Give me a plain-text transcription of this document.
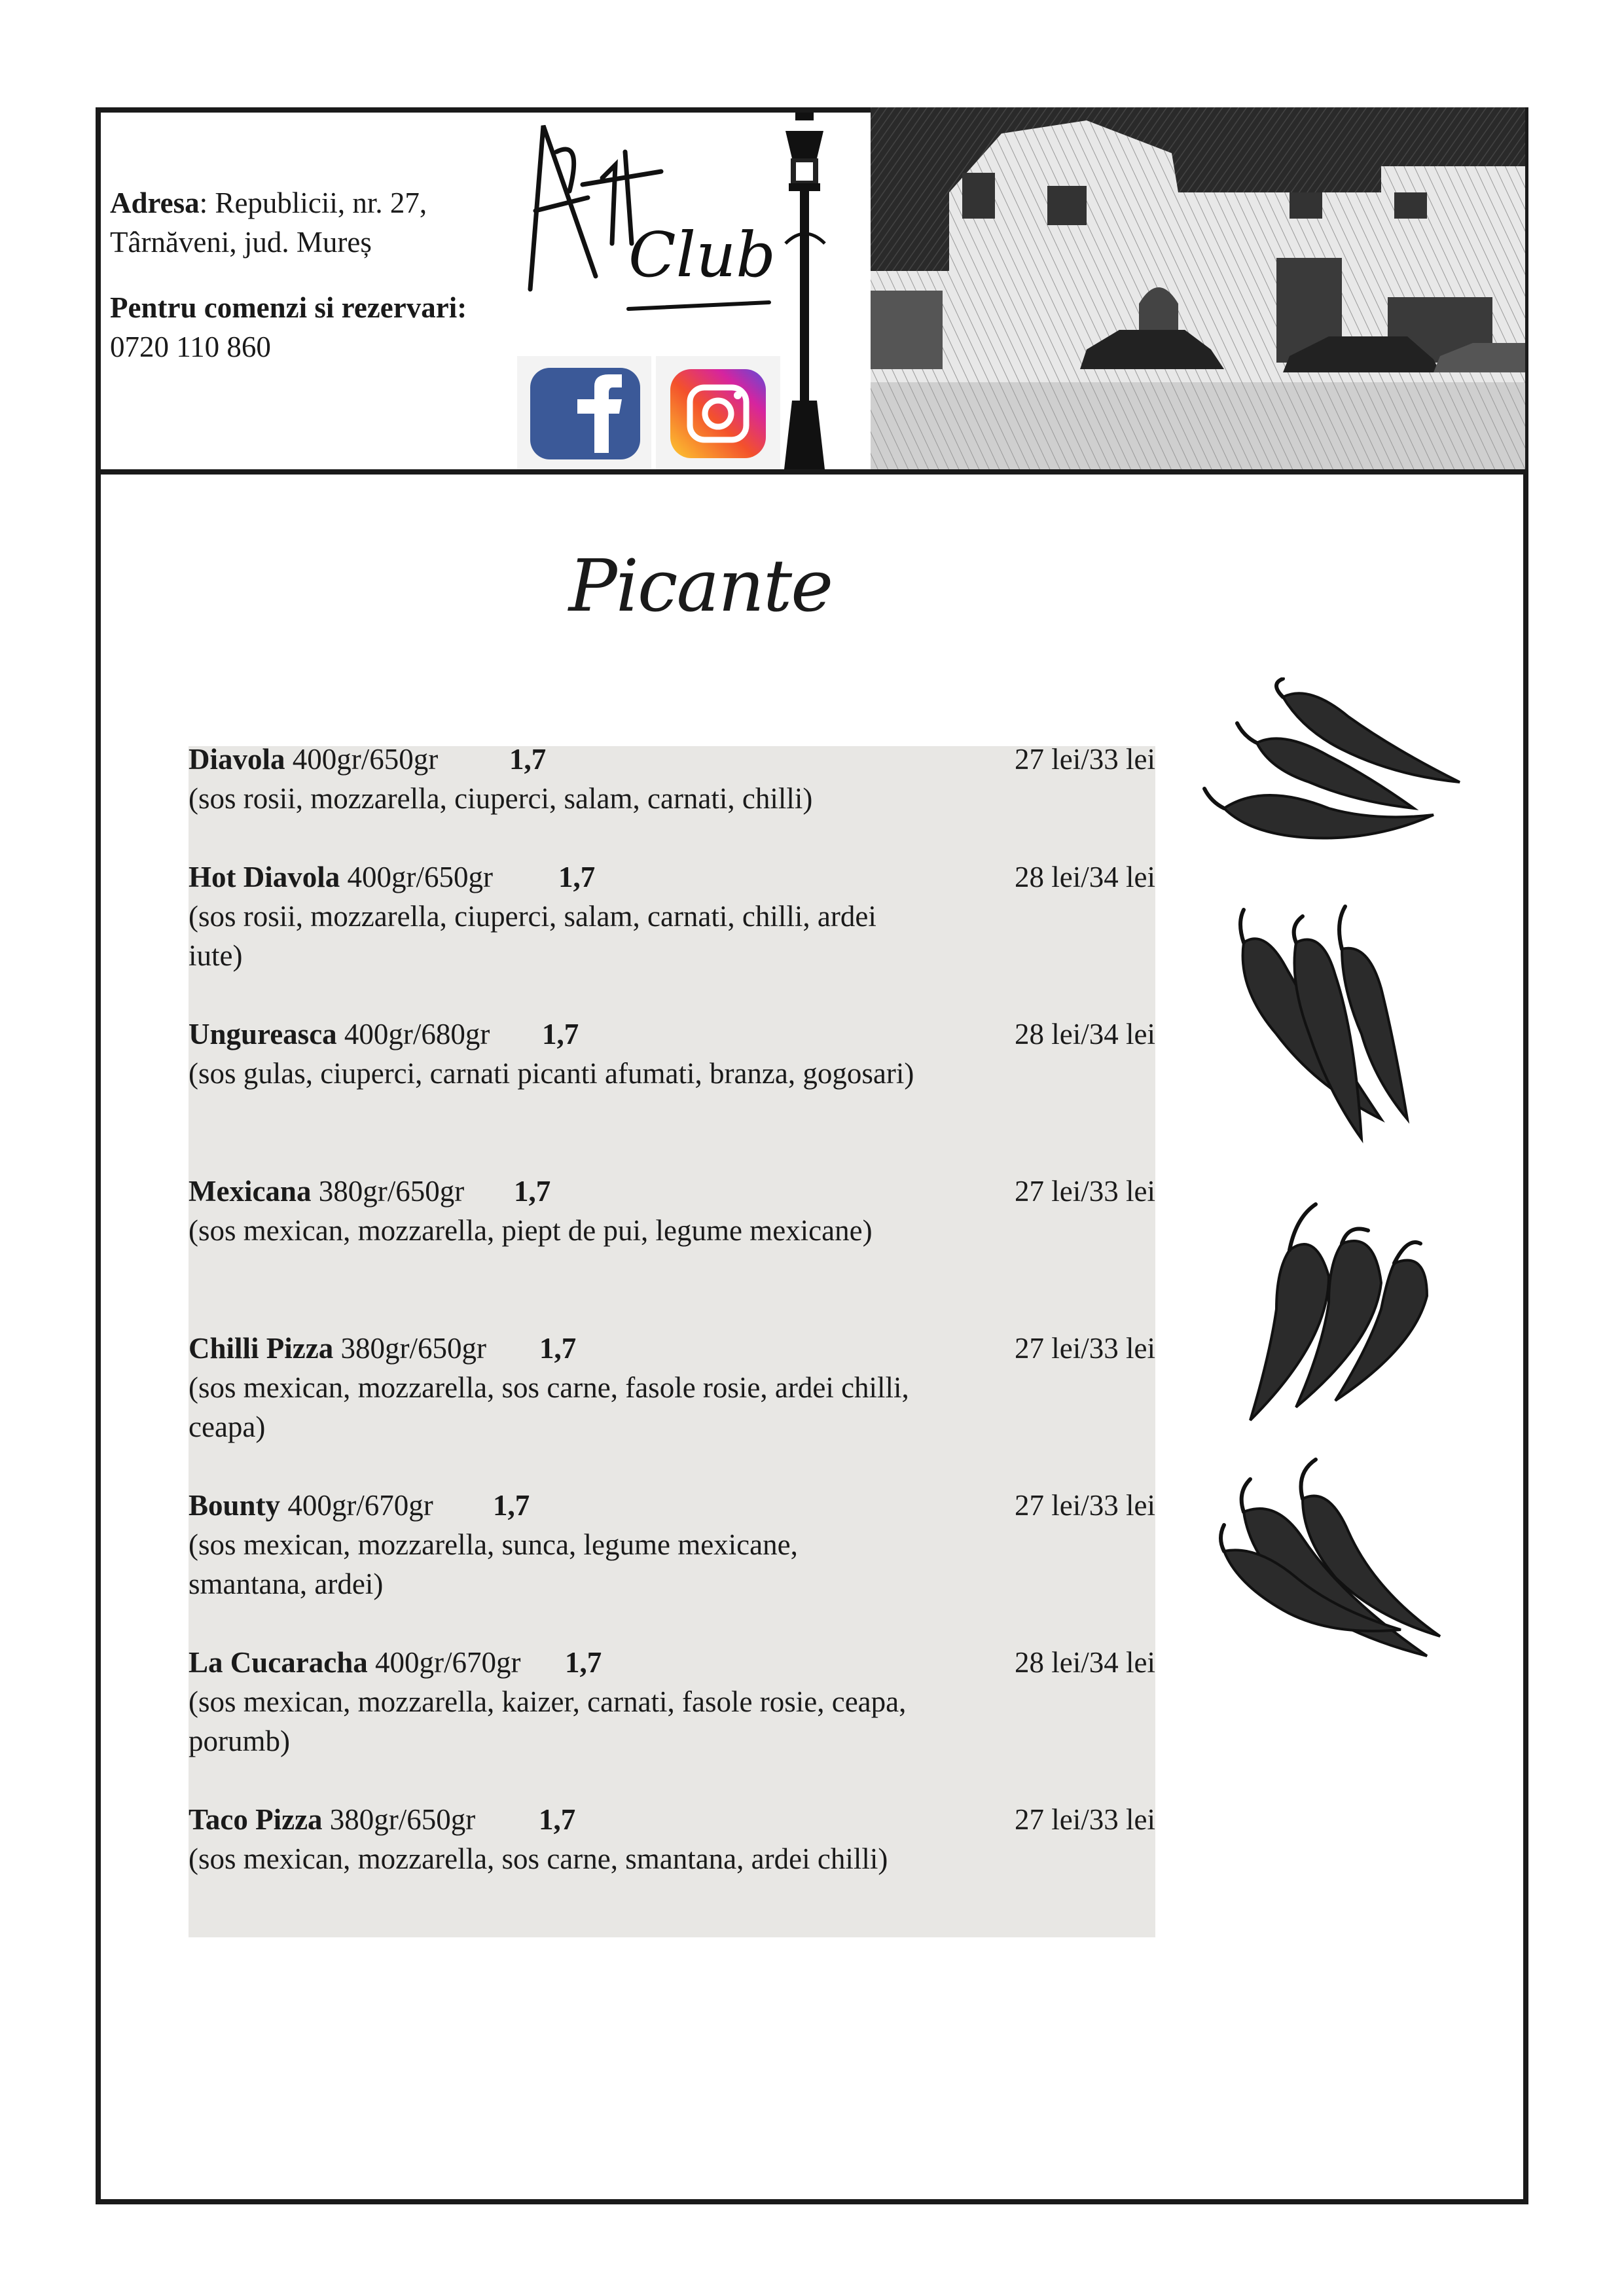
Adresa: Republicii, nr. 27,
Târnăveni, jud. Mureș
Pentru comenzi si rezervari:
0720 110 860
Club
Picante
Diavola 400gr/650gr 1,7	27 lei/33 lei
(sos rosii, mozzarella, ciuperci, salam, carnati, chilli)
Hot Diavola 400gr/650gr 1,7	28 lei/34 lei
(sos rosii, mozzarella, ciuperci, salam, carnati, chilli, ardei iute)
Ungureasca 400gr/680gr 1,7	28 lei/34 lei
(sos gulas, ciuperci, carnati picanti afumati, branza, gogosari)
Mexicana 380gr/650gr 1,7	27 lei/33 lei
(sos mexican, mozzarella, piept de pui, legume mexicane)
Chilli Pizza 380gr/650gr 1,7	27 lei/33 lei
(sos mexican, mozzarella, sos carne, fasole rosie, ardei chilli, ceapa)
Bounty 400gr/670gr 1,7	27 lei/33 lei
(sos mexican, mozzarella, sunca, legume mexicane, smantana, ardei)
La Cucaracha 400gr/670gr 1,7	28 lei/34 lei
(sos mexican, mozzarella, kaizer, carnati, fasole rosie, ceapa, porumb)
Taco Pizza 380gr/650gr 1,7	27 lei/33 lei
(sos mexican, mozzarella, sos carne, smantana, ardei chilli)
